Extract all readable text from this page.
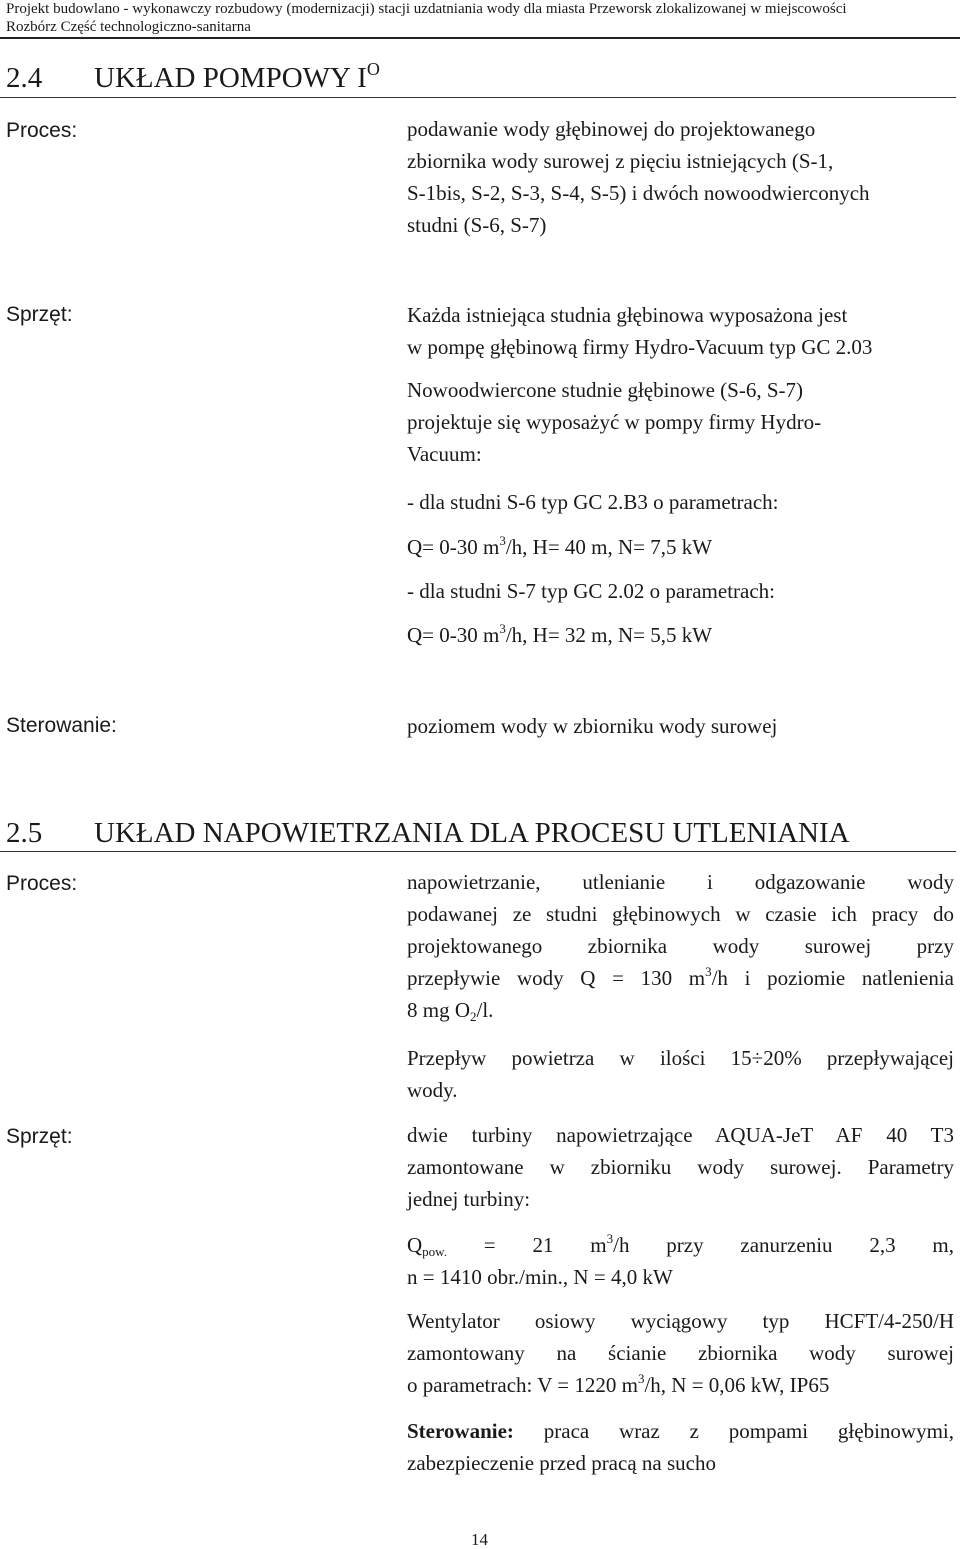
Projekt budowlano - wykonawczy rozbudowy (modernizacji) stacji uzdatniania wody dla miasta Przeworsk zlokalizowanej w miejscowości
Rozbórz Część technologiczno-sanitarna
2.4 UKŁAD POMPOWY $I^O$
Proces:	podawanie wody głębinowej do projektowanego

zbiornika wody surowej z pięciu istniejących (S-1,

S-1bis, S-2, S-3, S-4, S-5) i dwóch nowoodwierconych

studni (S-6, S-7)

Sprzęt:	Każda istniejąca studnia głębinowa wyposażona jest

w pompę głębinową firmy Hydro-Vacuum typ GC 2.03

Nowoodwiercone studnie głębinowe (S-6, S-7)

projektuje się wyposażyć w pompy firmy Hydro-

Vacuum:

- dla studni S-6 typ GC 2.B3 o parametrach:
Q= 0-30 $m^3/h$, H= 40 m, N= 7,5 kW
- dla studni S-7 typ GC 2.02 o parametrach:
Q= 0-30 $m^3/h$, H= 32 m, N= 5,5 kW
Sterowanie:	poziomem wody w zbiorniku wody surowej
2.5 UKŁAD NAPOWIETRZANIA DLA PROCESU UTLENIANIA
Proces:	napowietrzanie, utlenianie i odgazowanie wody
podawanej ze studni głębinowych w czasie ich pracy do
projektowanego zbiornika wody surowej przy
przepływie wody Q = 130 $m^3/h$ i poziomie natlenienia
8 mg $O_2/l$.
Przepływ powietrza w ilości 15÷20% przepływającej
wody.
Sprzęt:	dwie turbiny napowietrzające AQUA-JeT AF 40 T3
zamontowane w zbiorniku wody surowej. Parametry
jednej turbiny:
$Q_{pow.} = 21$ $m^3/h$ przy zanurzeniu 2,3 m,
n = 1410 obr./min., N = 4,0 kW
Wentylator osiowy wyciągowy typ HCFT/4-250/H
zamontowany na ścianie zbiornika wody surowej
o parametrach: V = 1220 $m^3/h$, N = 0,06 kW, IP65
Sterowanie: praca wraz z pompami głębinowymi,
zabezpieczenie przed pracą na sucho
14
